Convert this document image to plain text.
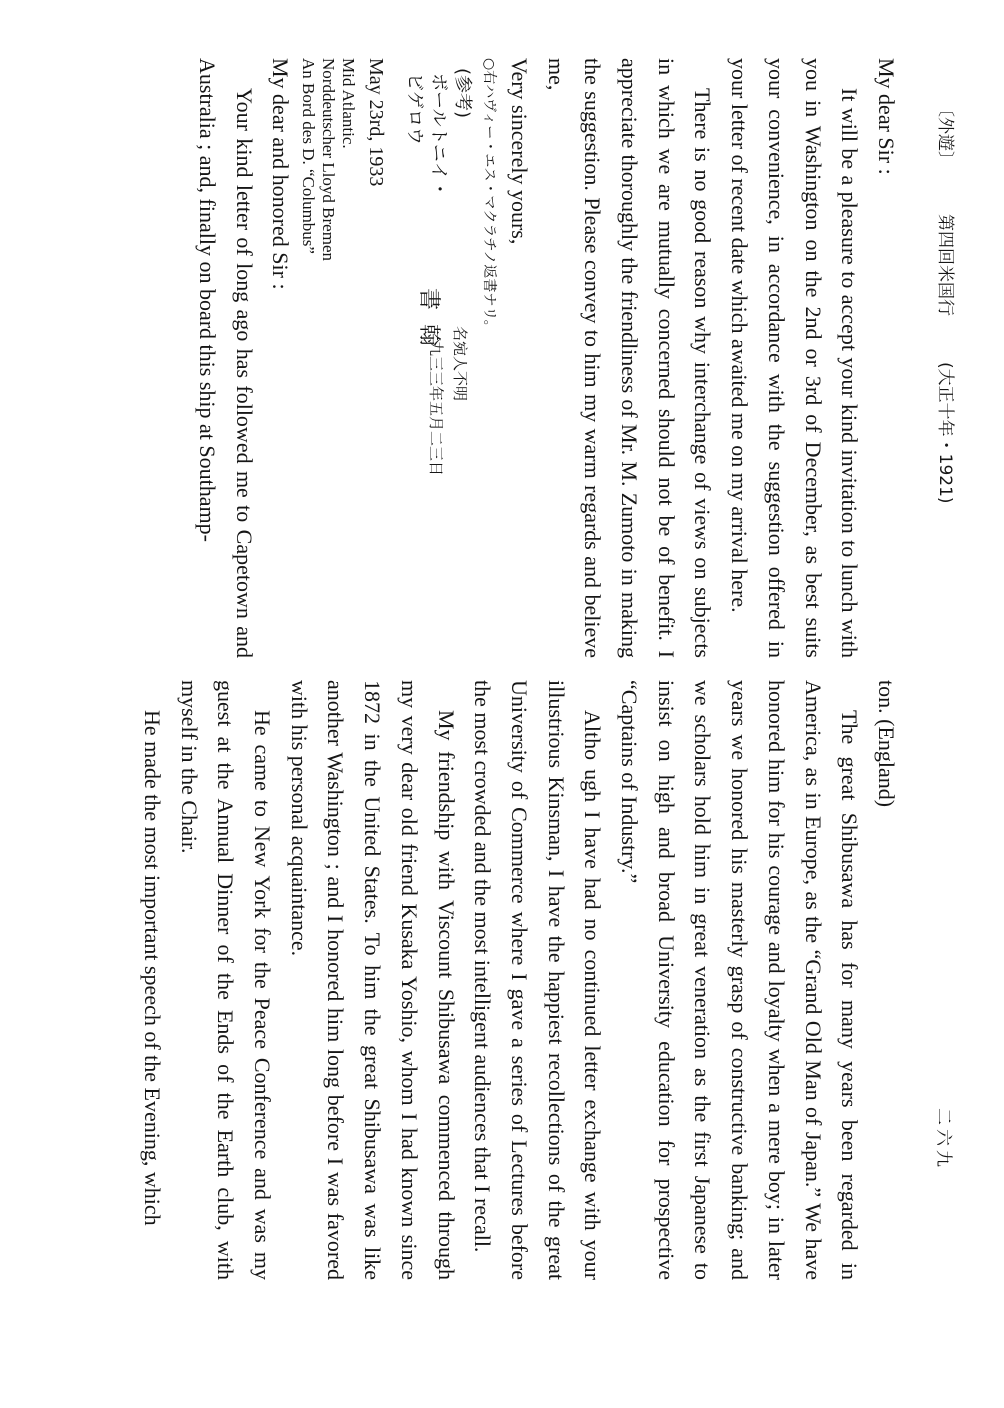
〔外遊〕第四回米国行(大正十年・1921)
二六九

My dear Sir :

It will be a pleasure to accept your kind invitation to lunch with you in Washington on the 2nd or 3rd of December, as best suits your convenience, in accordance with the suggestion offered in your letter of recent date which awaited me on my arrival here.

There is no good reason why interchange of views on subjects in which we are mutually concerned should not be of benefit. I appreciate thoroughly the friendliness of Mr. M. Zumoto in making the suggestion. Please convey to him my warm regards and believe me,

Very sincerely yours,

○右ハヴィー・エス・マクラチノ返書ナリ。

(参考)
ボールトニイ・
ビゲロウ
書翰
名宛人不明
一九三三年五月二三日

May 23rd, 1933

Mid Atlantic.

Norddeutscher Lloyd Bremen

An Bord des D. “Columbus”

My dear and honored Sir :

Your kind letter of long ago has followed me to Capetown and Australia ; and, finally on board this ship at Southamp-

ton. (England)

The great Shibusawa has for many years been regarded in America, as in Europe, as the “Grand Old Man of Japan.” We have honored him for his courage and loyalty when a mere boy; in later years we honored his masterly grasp of constructive banking; and we scholars hold him in great veneration as the first Japanese to insist on high and broad University education for prospective “Captains of Industry.”

Altho ugh I have had no continued letter exchange with your illustrious Kinsman, I have the happiest recollections of the great University of Commerce where I gave a series of Lectures before the most crowded and the most intelligent audiences that I recall.

My friendship with Viscount Shibusawa commenced through my very dear old friend Kusaka Yoshio, whom I had known since 1872 in the United States. To him the great Shibusawa was like another Washington ; and I honored him long before I was favored with his personal acquaintance.

He came to New York for the Peace Conference and was my guest at the Annual Dinner of the Ends of the Earth club, with myself in the Chair.

He made the most important speech of the Evening, which
